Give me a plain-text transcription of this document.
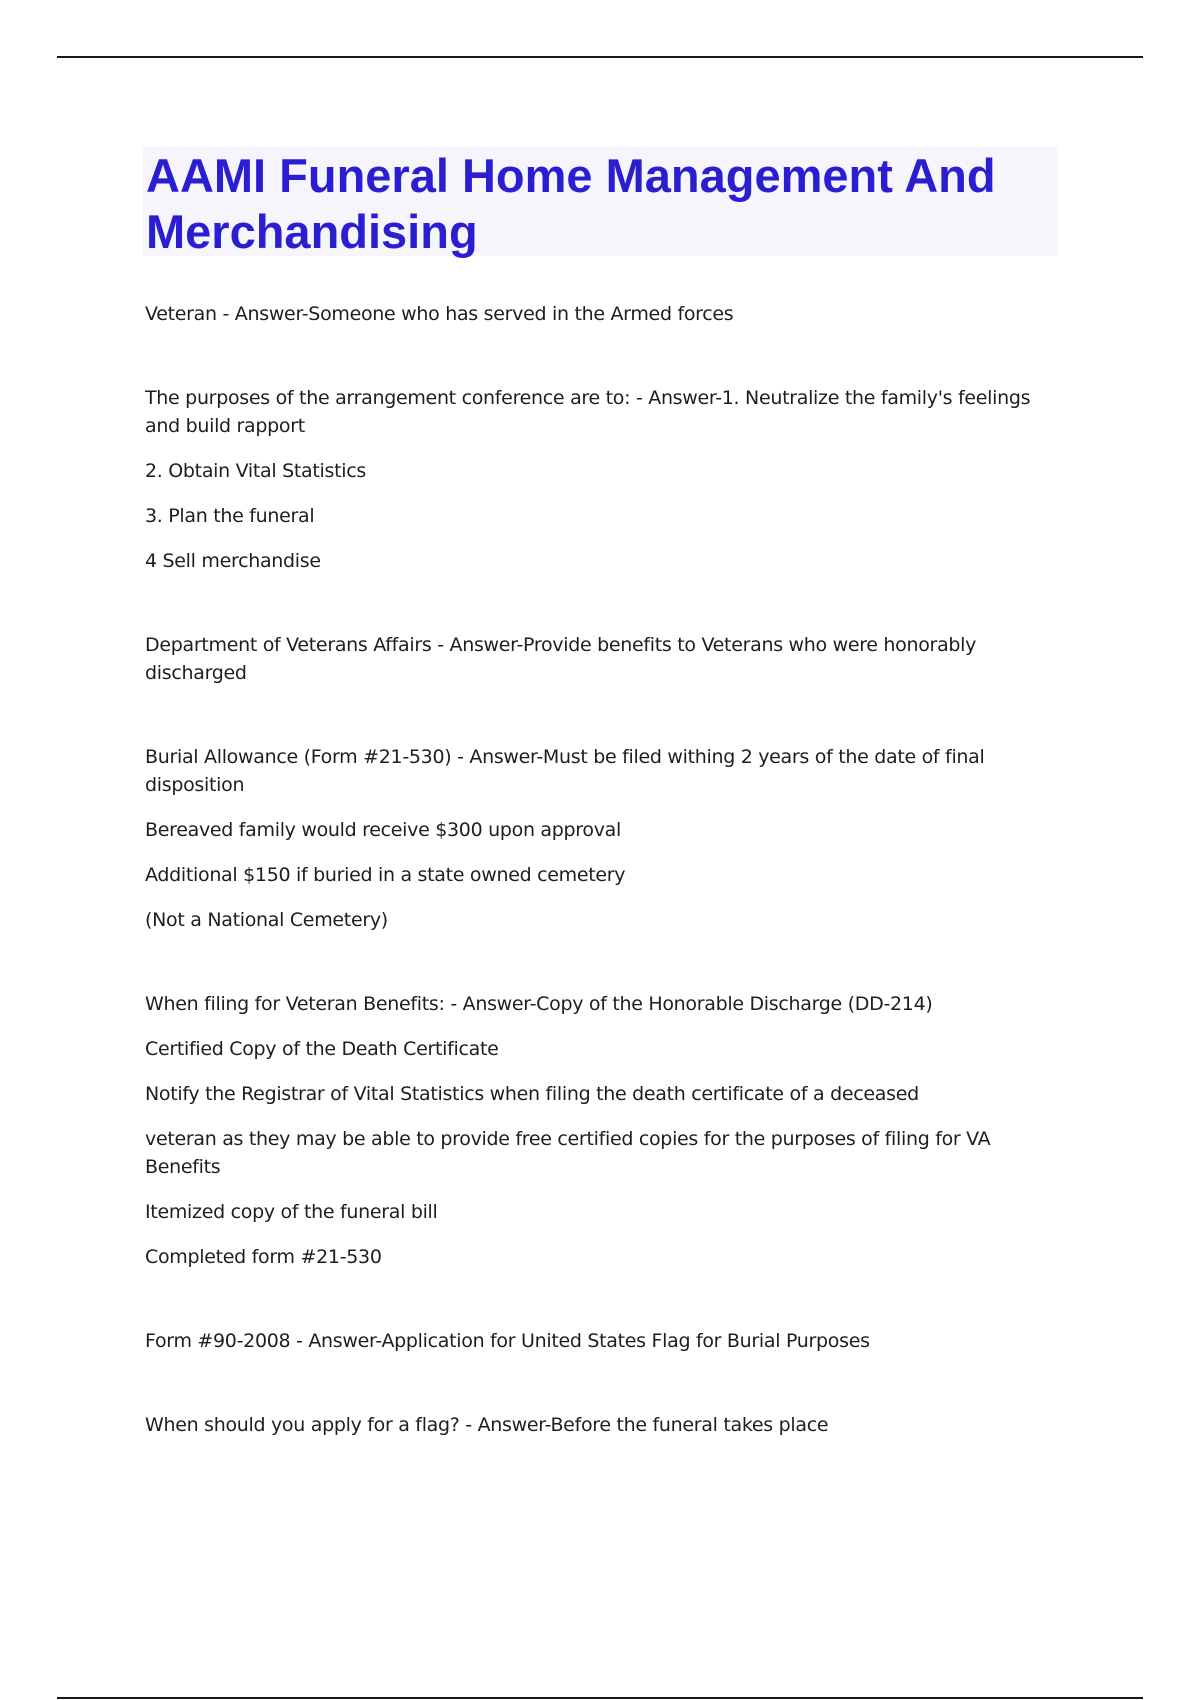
AAMI Funeral Home Management And Merchandising

Veteran - Answer-Someone who has served in the Armed forces

The purposes of the arrangement conference are to: - Answer-1. Neutralize the family's feelings and build rapport

2. Obtain Vital Statistics

3. Plan the funeral

4 Sell merchandise

Department of Veterans Affairs - Answer-Provide benefits to Veterans who were honorably discharged

Burial Allowance (Form #21-530) - Answer-Must be filed withing 2 years of the date of final disposition

Bereaved family would receive $300 upon approval

Additional $150 if buried in a state owned cemetery

(Not a National Cemetery)

When filing for Veteran Benefits: - Answer-Copy of the Honorable Discharge (DD-214)

Certified Copy of the Death Certificate

Notify the Registrar of Vital Statistics when filing the death certificate of a deceased

veteran as they may be able to provide free certified copies for the purposes of filing for VA Benefits

Itemized copy of the funeral bill

Completed form #21-530

Form #90-2008 - Answer-Application for United States Flag for Burial Purposes

When should you apply for a flag? - Answer-Before the funeral takes place
